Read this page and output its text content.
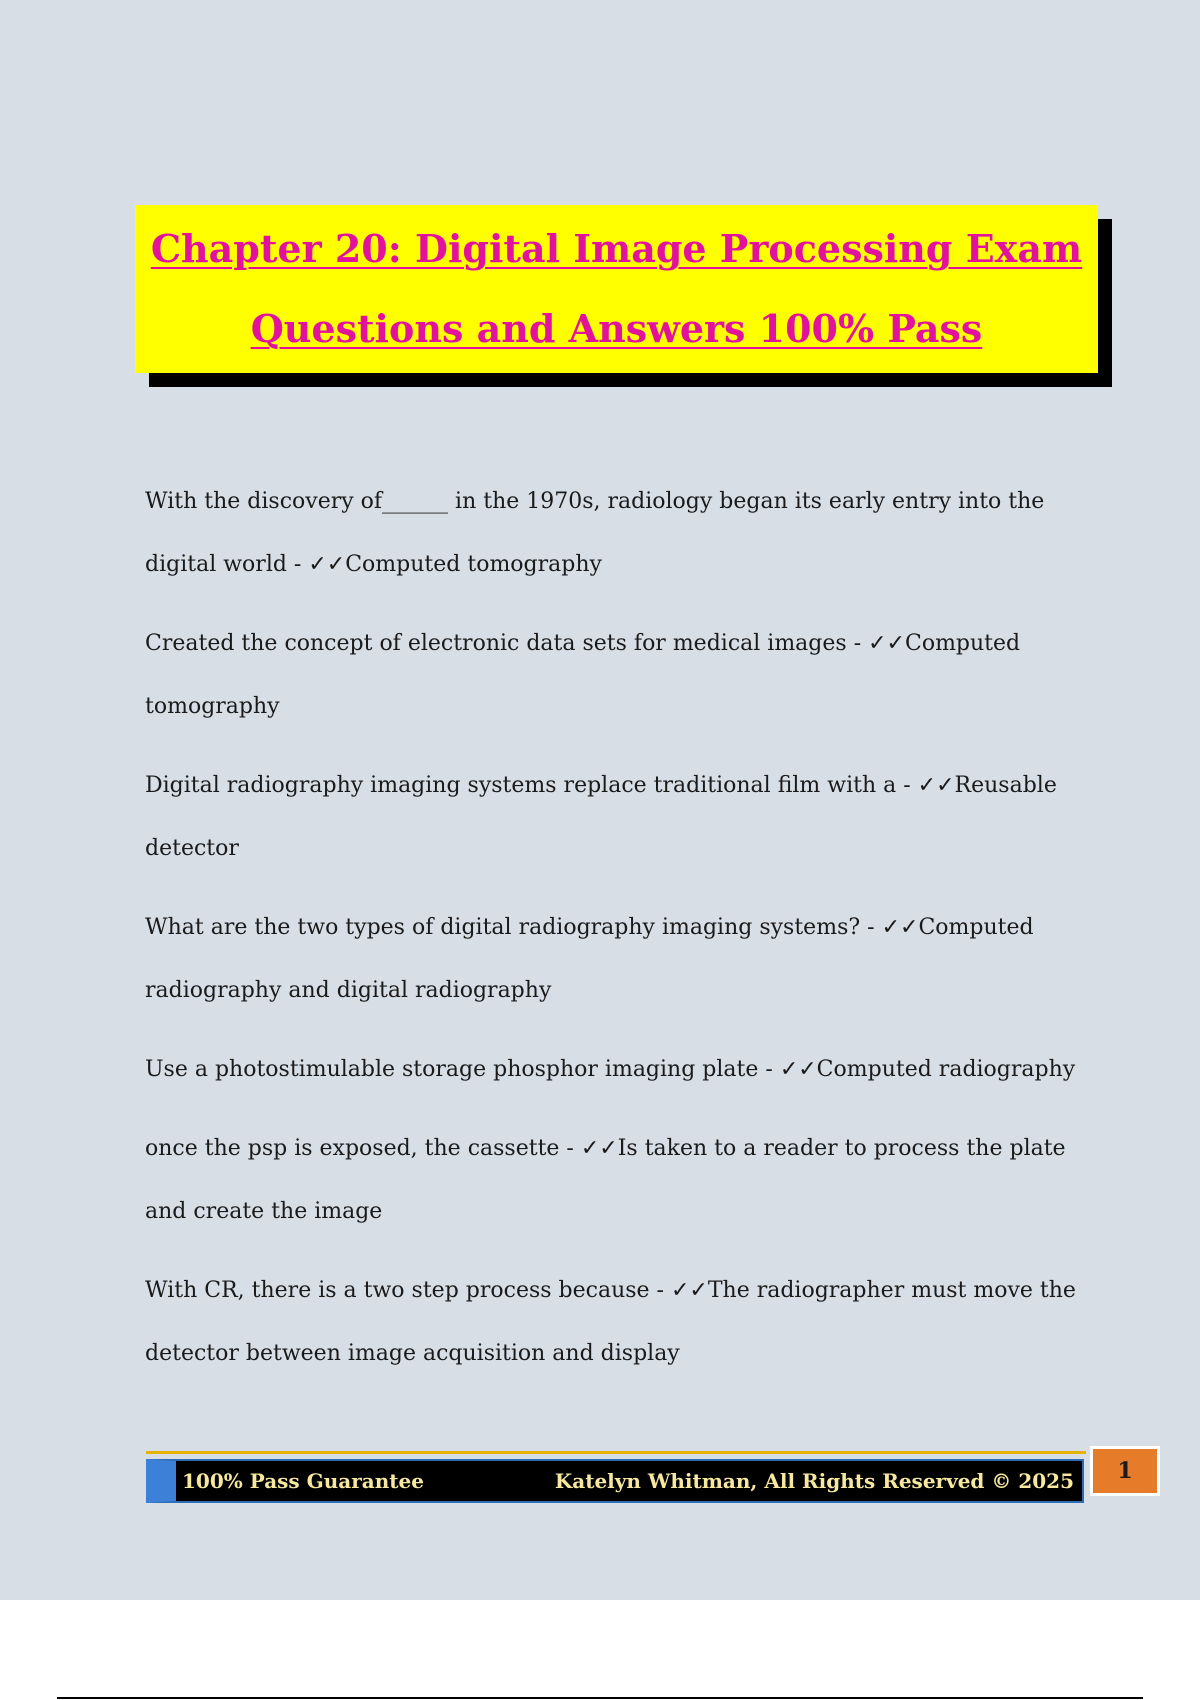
Chapter 20: Digital Image Processing Exam
Questions and Answers 100% Pass
With the discovery of______ in the 1970s, radiology began its early entry into the digital world - ✓✓Computed tomography
Created the concept of electronic data sets for medical images - ✓✓Computed tomography
Digital radiography imaging systems replace traditional film with a - ✓✓Reusable detector
What are the two types of digital radiography imaging systems? - ✓✓Computed radiography and digital radiography
Use a photostimulable storage phosphor imaging plate - ✓✓Computed radiography
once the psp is exposed, the cassette - ✓✓Is taken to a reader to process the plate and create the image
With CR, there is a two step process because - ✓✓The radiographer must move the detector between image acquisition and display
100% Pass Guarantee	Katelyn Whitman, All Rights Reserved © 2025	1
